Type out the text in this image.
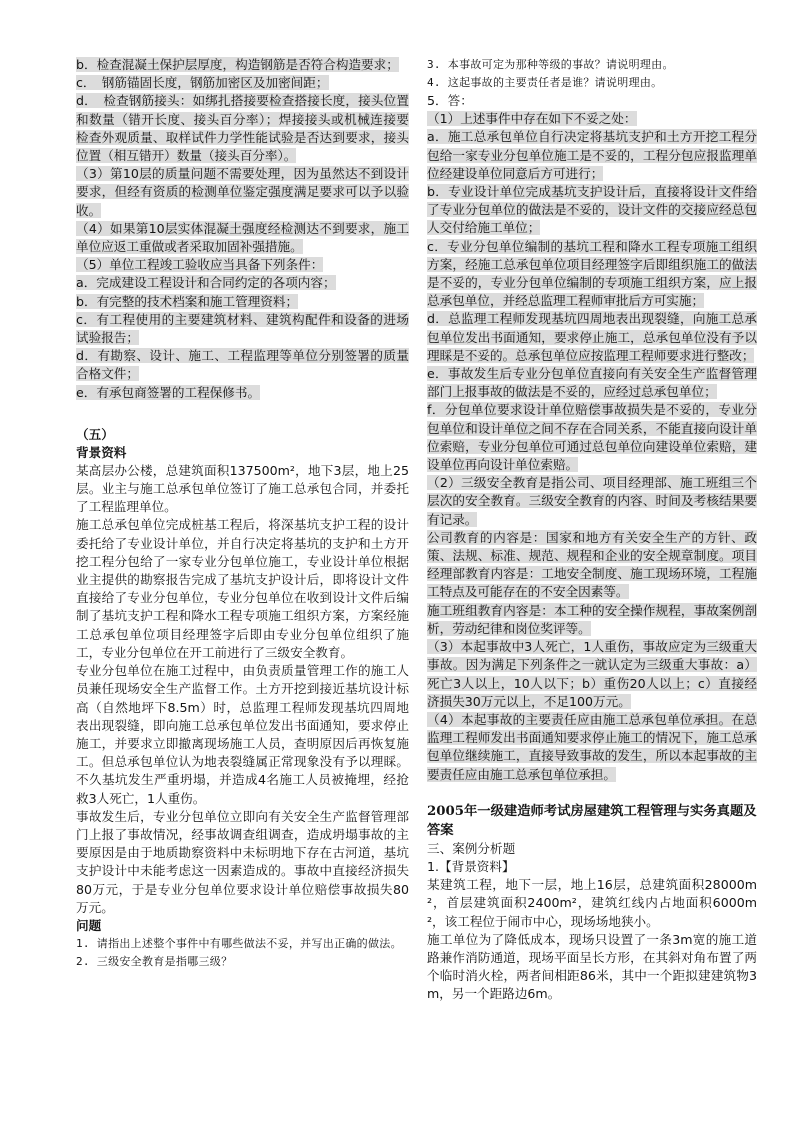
b．检查混凝土保护层厚度，构造钢筋是否符合构造要求；

c．　钢筋锚固长度，钢筋加密区及加密间距；

d．　检查钢筋接头：如绑扎搭接要检查搭接长度，接头位置和数量（错开长度、接头百分率）；焊接接头或机械连接要检查外观质量、取样试件力学性能试验是否达到要求，接头位置（相互错开）数量（接头百分率）。

（3）第10层的质量问题不需要处理，因为虽然达不到设计要求，但经有资质的检测单位鉴定强度满足要求可以予以验收。

（4）如果第10层实体混凝土强度经检测达不到要求，施工单位应返工重做或者采取加固补强措施。

（5）单位工程竣工验收应当具备下列条件：

a．完成建设工程设计和合同约定的各项内容；

b．有完整的技术档案和施工管理资料；

c．有工程使用的主要建筑材料、建筑构配件和设备的进场试验报告；

d．有勘察、设计、施工、工程监理等单位分别签署的质量合格文件；

e．有承包商签署的工程保修书。

（五）

背景资料

某高层办公楼，总建筑面积137500m²，地下3层，地上25层。业主与施工总承包单位签订了施工总承包合同，并委托了工程监理单位。

施工总承包单位完成桩基工程后，将深基坑支护工程的设计委托给了专业设计单位，并自行决定将基坑的支护和土方开挖工程分包给了一家专业分包单位施工，专业设计单位根据业主提供的勘察报告完成了基坑支护设计后，即将设计文件直接给了专业分包单位，专业分包单位在收到设计文件后编制了基坑支护工程和降水工程专项施工组织方案，方案经施工总承包单位项目经理签字后即由专业分包单位组织了施工，专业分包单位在开工前进行了三级安全教育。

专业分包单位在施工过程中，由负责质量管理工作的施工人员兼任现场安全生产监督工作。土方开挖到接近基坑设计标高（自然地坪下8.5m）时，总监理工程师发现基坑四周地表出现裂缝，即向施工总承包单位发出书面通知，要求停止施工，并要求立即撤离现场施工人员，查明原因后再恢复施工。但总承包单位认为地表裂缝属正常现象没有予以理睬。不久基坑发生严重坍塌，并造成4名施工人员被掩埋，经抢救3人死亡，1人重伤。

事故发生后，专业分包单位立即向有关安全生产监督管理部门上报了事故情况，经事故调查组调查，造成坍塌事故的主要原因是由于地质勘察资料中未标明地下存在古河道，基坑支护设计中未能考虑这一因素造成的。事故中直接经济损失80万元，于是专业分包单位要求设计单位赔偿事故损失80万元。

问题

1. 请指出上述整个事件中有哪些做法不妥，并写出正确的做法。

2. 三级安全教育是指哪三级？

3. 本事故可定为那种等级的事故？请说明理由。

4. 这起事故的主要责任者是谁？请说明理由。

5．答：

（1）上述事件中存在如下不妥之处：

a．施工总承包单位自行决定将基坑支护和土方开挖工程分包给一家专业分包单位施工是不妥的，工程分包应报监理单位经建设单位同意后方可进行；

b．专业设计单位完成基坑支护设计后，直接将设计文件给了专业分包单位的做法是不妥的，设计文件的交接应经总包人交付给施工单位；

c．专业分包单位编制的基坑工程和降水工程专项施工组织方案，经施工总承包单位项目经理签字后即组织施工的做法是不妥的，专业分包单位编制的专项施工组织方案，应上报总承包单位，并经总监理工程师审批后方可实施；

d．总监理工程师发现基坑四周地表出现裂缝，向施工总承包单位发出书面通知，要求停止施工，总承包单位没有予以理睬是不妥的。总承包单位应按监理工程师要求进行整改；

e．事故发生后专业分包单位直接向有关安全生产监督管理部门上报事故的做法是不妥的，应经过总承包单位；

f．分包单位要求设计单位赔偿事故损失是不妥的，专业分包单位和设计单位之间不存在合同关系，不能直接向设计单位索赔，专业分包单位可通过总包单位向建设单位索赔，建设单位再向设计单位索赔。

（2）三级安全教育是指公司、项目经理部、施工班组三个层次的安全教育。三级安全教育的内容、时间及考核结果要有记录。

公司教育的内容是：国家和地方有关安全生产的方针、政策、法规、标准、规范、规程和企业的安全规章制度。项目经理部教育内容是：工地安全制度、施工现场环境，工程施工特点及可能存在的不安全因素等。

施工班组教育内容是：本工种的安全操作规程，事故案例剖析，劳动纪律和岗位奖评等。

（3）本起事故中3人死亡，1人重伤，事故应定为三级重大事故。因为满足下列条件之一就认定为三级重大事故：a）死亡3人以上，10人以下；b）重伤20人以上；c）直接经济损失30万元以上，不足100万元。

（4）本起事故的主要责任应由施工总承包单位承担。在总监理工程师发出书面通知要求停止施工的情况下，施工总承包单位继续施工，直接导致事故的发生，所以本起事故的主要责任应由施工总承包单位承担。

2005年一级建造师考试房屋建筑工程管理与实务真题及答案

三、案例分析题

1.【背景资料】

某建筑工程，地下一层，地上16层，总建筑面积28000m²，首层建筑面积2400m²，建筑红线内占地面积6000m²，该工程位于闹市中心，现场场地狭小。

施工单位为了降低成本，现场只设置了一条3m宽的施工道路兼作消防通道，现场平面呈长方形，在其斜对角布置了两个临时消火栓，两者间相距86米，其中一个距拟建建筑物3m，另一个距路边6m。
